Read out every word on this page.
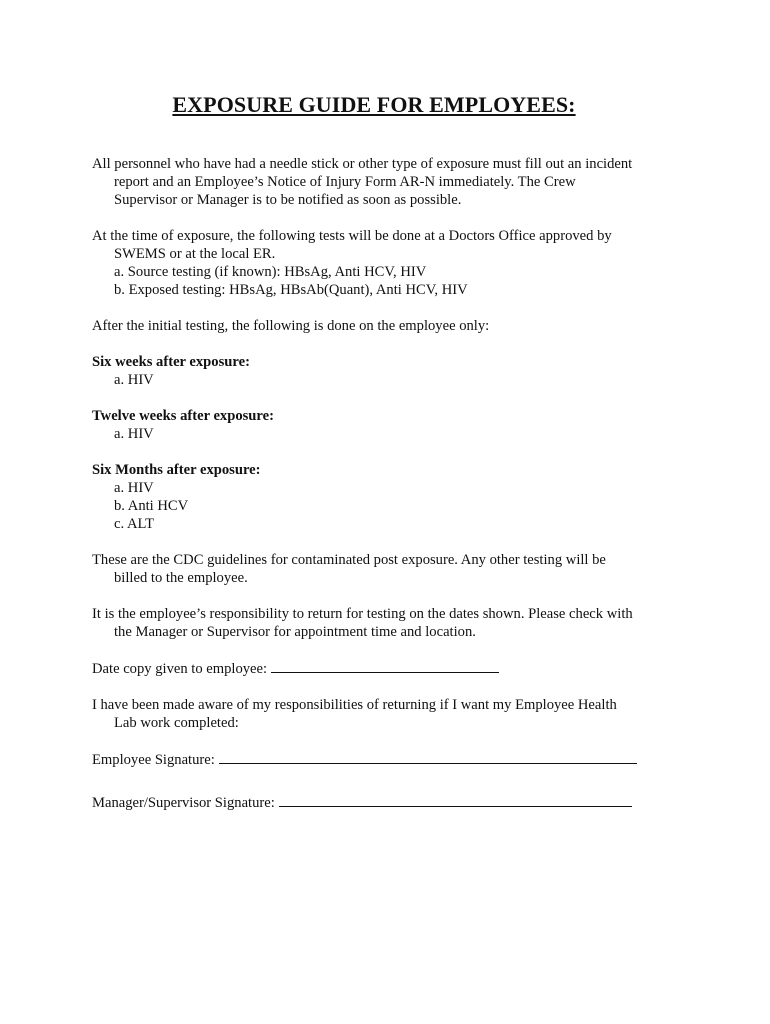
EXPOSURE GUIDE FOR EMPLOYEES:
All personnel who have had a needle stick or other type of exposure must fill out an incident
report and an Employee’s Notice of Injury Form AR-N immediately. The Crew
Supervisor or Manager is to be notified as soon as possible.
At the time of exposure, the following tests will be done at a Doctors Office approved by
SWEMS or at the local ER.
a. Source testing (if known): HBsAg, Anti HCV, HIV
b. Exposed testing: HBsAg, HBsAb(Quant), Anti HCV, HIV
After the initial testing, the following is done on the employee only:
Six weeks after exposure:
a. HIV
Twelve weeks after exposure:
a. HIV
Six Months after exposure:
a. HIV
b. Anti HCV
c. ALT
These are the CDC guidelines for contaminated post exposure. Any other testing will be
billed to the employee.
It is the employee’s responsibility to return for testing on the dates shown. Please check with
the Manager or Supervisor for appointment time and location.
Date copy given to employee:
I have been made aware of my responsibilities of returning if I want my Employee Health
Lab work completed:
Employee Signature:
Manager/Supervisor Signature:
